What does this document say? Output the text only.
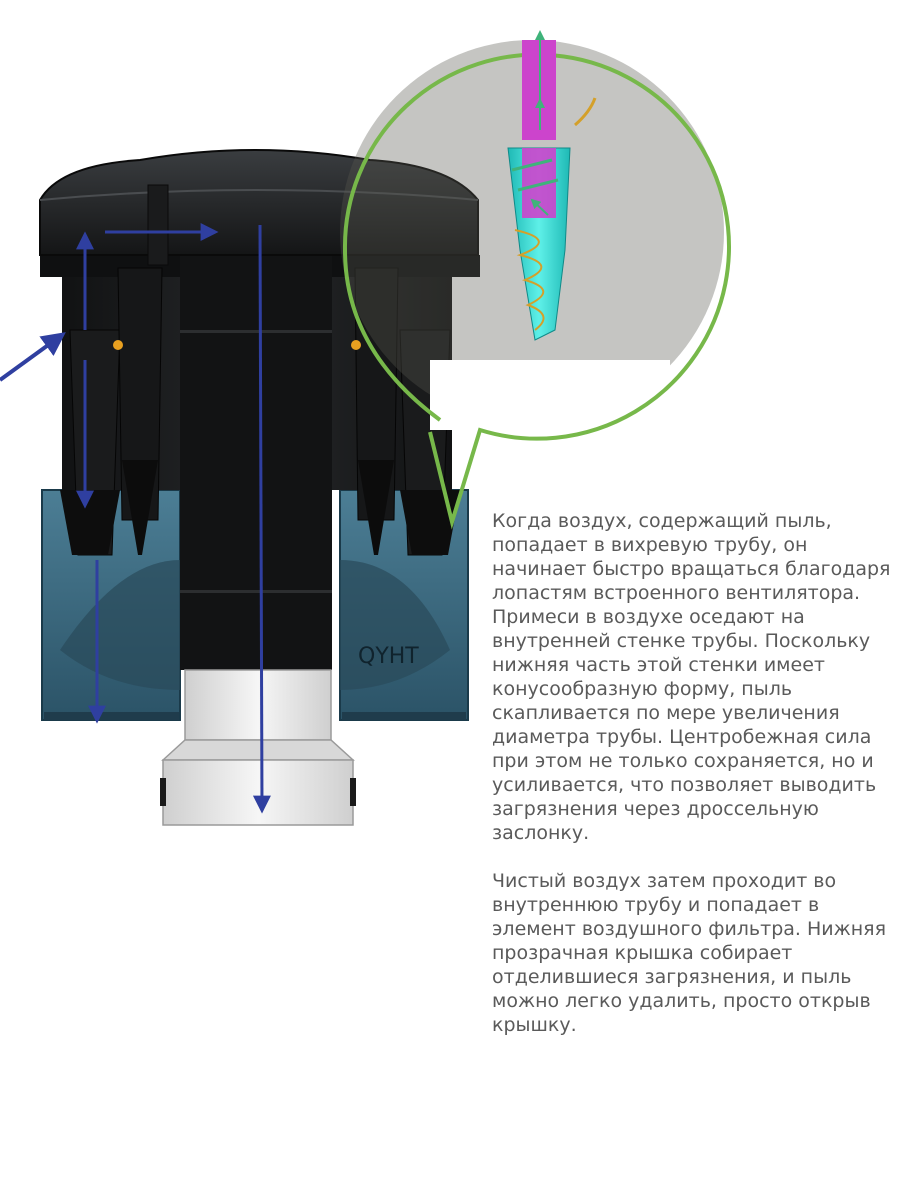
QYHT

Когда воздух, содержащий пыль, попадает в вихревую трубу, он начинает быстро вращаться благодаря лопастям встроенного вентилятора. Примеси в воздухе оседают на внутренней стенке трубы. Поскольку нижняя часть этой стенки имеет конусообразную форму, пыль скапливается по мере увеличения диаметра трубы. Центробежная сила при этом не только сохраняется, но и усиливается, что позволяет выводить загрязнения через дроссельную заслонку.

Чистый воздух затем проходит во внутреннюю трубу и попадает в элемент воздушного фильтра. Нижняя прозрачная крышка собирает отделившиеся загрязнения, и пыль можно легко удалить, просто открыв крышку.
